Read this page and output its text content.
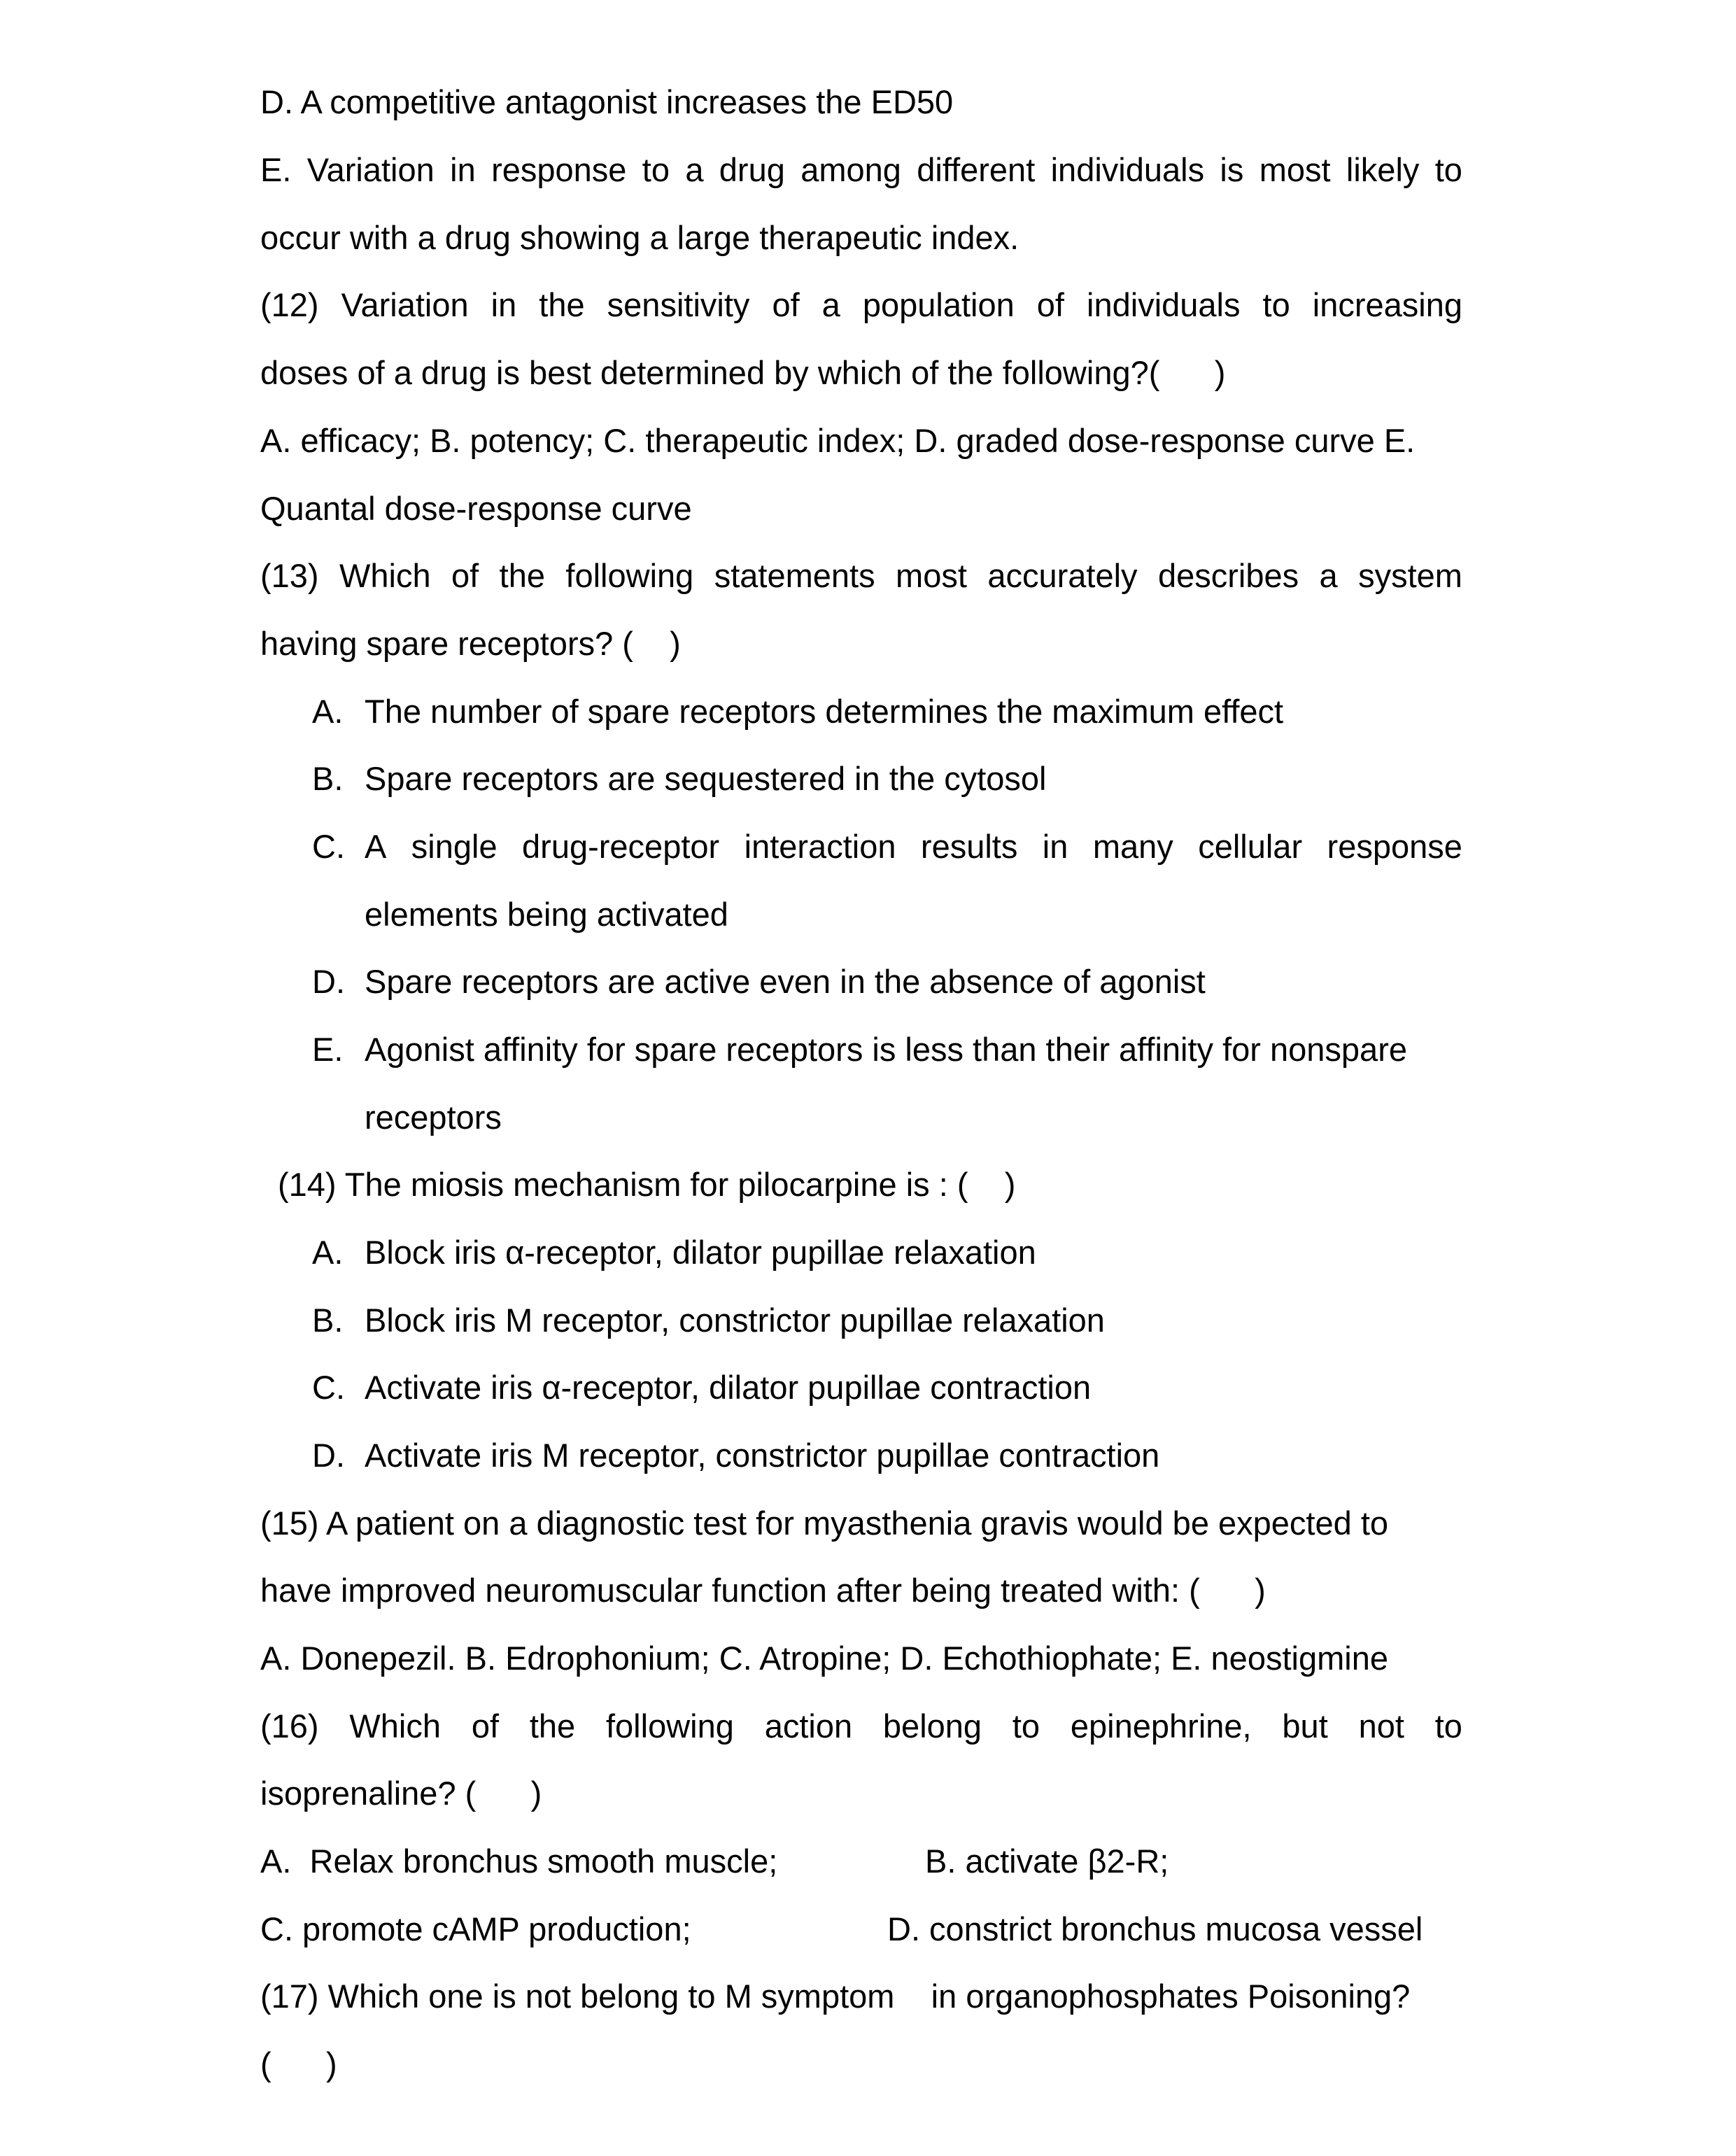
D. A competitive antagonist increases the ED50
E. Variation in response to a drug among different individuals is most likely to
occur with a drug showing a large therapeutic index.
(12) Variation in the sensitivity of a population of individuals to increasing
doses of a drug is best determined by which of the following?(      )
A. efficacy; B. potency; C. therapeutic index; D. graded dose-response curve E.
Quantal dose-response curve
(13) Which of the following statements most accurately describes a system
having spare receptors? (    )
A. The number of spare receptors determines the maximum effect
B. Spare receptors are sequestered in the cytosol
C. A single drug-receptor interaction results in many cellular response
elements being activated
D. Spare receptors are active even in the absence of agonist
E. Agonist affinity for spare receptors is less than their affinity for nonspare
receptors
(14) The miosis mechanism for pilocarpine is : (    )
A. Block iris α-receptor, dilator pupillae relaxation
B. Block iris M receptor, constrictor pupillae relaxation
C. Activate iris α-receptor, dilator pupillae contraction
D. Activate iris M receptor, constrictor pupillae contraction
(15) A patient on a diagnostic test for myasthenia gravis would be expected to
have improved neuromuscular function after being treated with: (      )
A. Donepezil. B. Edrophonium; C. Atropine; D. Echothiophate; E. neostigmine
(16) Which of the following action belong to epinephrine, but not to
isoprenaline? (      )
A.  Relax bronchus smooth muscle;	B. activate β2-R;
C. promote cAMP production;	D. constrict bronchus mucosa vessel
(17) Which one is not belong to M symptom    in organophosphates Poisoning?
(      )
